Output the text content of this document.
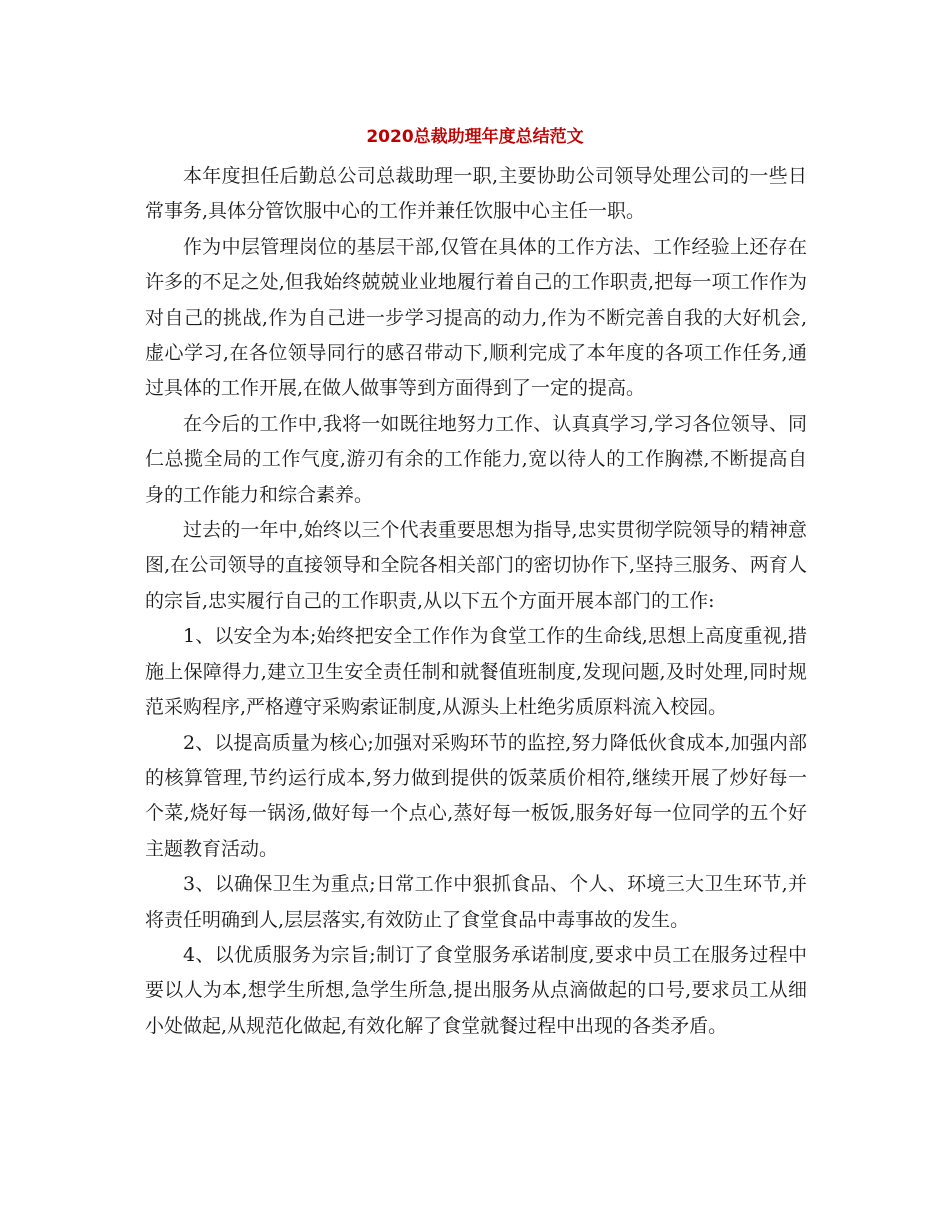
2020总裁助理年度总结范文

本年度担任后勤总公司总裁助理一职,主要协助公司领导处理公司的一些日常事务,具体分管饮服中心的工作并兼任饮服中心主任一职。

作为中层管理岗位的基层干部,仅管在具体的工作方法、工作经验上还存在许多的不足之处,但我始终兢兢业业地履行着自己的工作职责,把每一项工作作为对自己的挑战,作为自己进一步学习提高的动力,作为不断完善自我的大好机会,虚心学习,在各位领导同行的感召带动下,顺利完成了本年度的各项工作任务,通过具体的工作开展,在做人做事等到方面得到了一定的提高。

在今后的工作中,我将一如既往地努力工作、认真真学习,学习各位领导、同仁总揽全局的工作气度,游刃有余的工作能力,宽以待人的工作胸襟,不断提高自身的工作能力和综合素养。

过去的一年中,始终以三个代表重要思想为指导,忠实贯彻学院领导的精神意图,在公司领导的直接领导和全院各相关部门的密切协作下,坚持三服务、两育人的宗旨,忠实履行自己的工作职责,从以下五个方面开展本部门的工作:

1、以安全为本;始终把安全工作作为食堂工作的生命线,思想上高度重视,措施上保障得力,建立卫生安全责任制和就餐值班制度,发现问题,及时处理,同时规范采购程序,严格遵守采购索证制度,从源头上杜绝劣质原料流入校园。

2、以提高质量为核心;加强对采购环节的监控,努力降低伙食成本,加强内部的核算管理,节约运行成本,努力做到提供的饭菜质价相符,继续开展了炒好每一个菜,烧好每一锅汤,做好每一个点心,蒸好每一板饭,服务好每一位同学的五个好主题教育活动。

3、以确保卫生为重点;日常工作中狠抓食品、个人、环境三大卫生环节,并将责任明确到人,层层落实,有效防止了食堂食品中毒事故的发生。

4、以优质服务为宗旨;制订了食堂服务承诺制度,要求中员工在服务过程中要以人为本,想学生所想,急学生所急,提出服务从点滴做起的口号,要求员工从细小处做起,从规范化做起,有效化解了食堂就餐过程中出现的各类矛盾。
